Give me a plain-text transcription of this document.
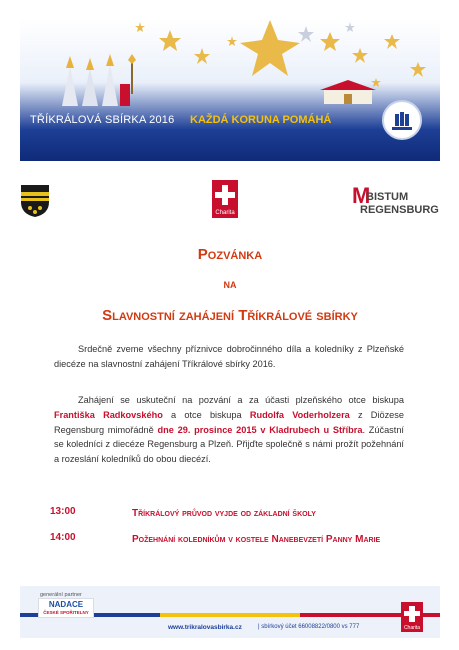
TŘÍKRÁLOVÁ SBÍRKA 2016 KAŽDÁ KORUNA POMÁHÁ
Charita
M
BISTUM
REGENSBURG
Pozvánka
na
Slavnostní zahájení Tříkrálové sbírky
Srdečně zveme všechny příznivce dobročinného díla a koledníky z Plzeňské diecéze na slavnostní zahájení Tříkrálové sbírky 2016.
Zahájení se uskuteční na pozvání a za účasti plzeňského otce biskupa Františka Radkovského a otce biskupa Rudolfa Voderholzera z Diözese Regensburg mimořádně dne 29. prosince 2015 v Kladrubech u Stříbra. Zúčastní se koledníci z diecéze Regensburg a Plzeň. Přijďte společně s námi prožít požehnání a rozeslání koledníků do obou diecézí.
13:00	Tříkrálový průvod vyjde od základní školy
14:00	Požehnání koledníkům v kostele Nanebevzetí Panny Marie
generální partner
NADACE
ČESKÉ SPOŘITELNY
www.trikralovasbirka.cz	| sbírkový účet 66008822/0800 vs 777	Charita
